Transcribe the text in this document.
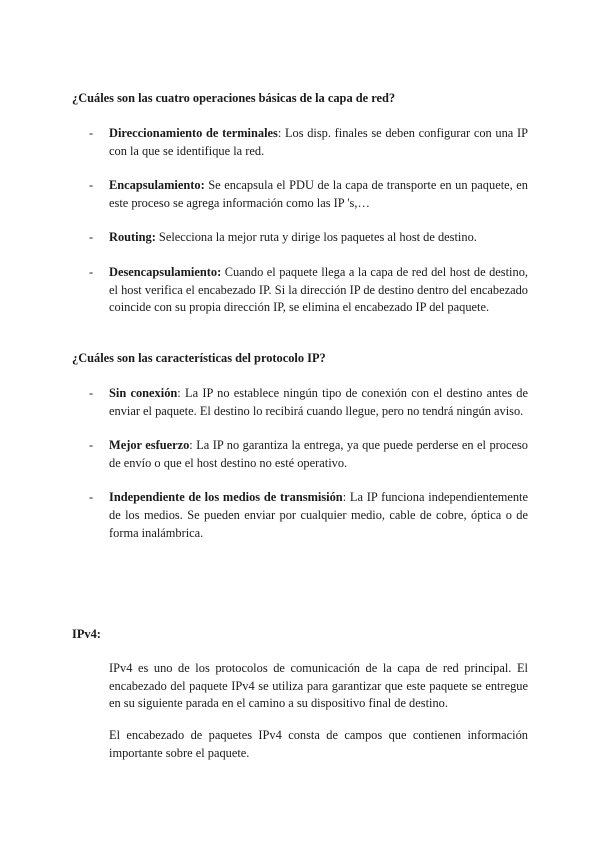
¿Cuáles son las cuatro operaciones básicas de la capa de red?

- Direccionamiento de terminales: Los disp. finales se deben configurar con una IP con la que se identifique la red.
- Encapsulamiento: Se encapsula el PDU de la capa de transporte en un paquete, en este proceso se agrega información como las IP 's,…
- Routing: Selecciona la mejor ruta y dirige los paquetes al host de destino.
- Desencapsulamiento: Cuando el paquete llega a la capa de red del host de destino, el host verifica el encabezado IP. Si la dirección IP de destino dentro del encabezado coincide con su propia dirección IP, se elimina el encabezado IP del paquete.

¿Cuáles son las características del protocolo IP?

- Sin conexión: La IP no establece ningún tipo de conexión con el destino antes de enviar el paquete. El destino lo recibirá cuando llegue, pero no tendrá ningún aviso.
- Mejor esfuerzo: La IP no garantiza la entrega, ya que puede perderse en el proceso de envío o que el host destino no esté operativo.
- Independiente de los medios de transmisión: La IP funciona independientemente de los medios. Se pueden enviar por cualquier medio, cable de cobre, óptica o de forma inalámbrica.

IPv4:

IPv4 es uno de los protocolos de comunicación de la capa de red principal. El encabezado del paquete IPv4 se utiliza para garantizar que este paquete se entregue en su siguiente parada en el camino a su dispositivo final de destino.

El encabezado de paquetes IPv4 consta de campos que contienen información importante sobre el paquete.
